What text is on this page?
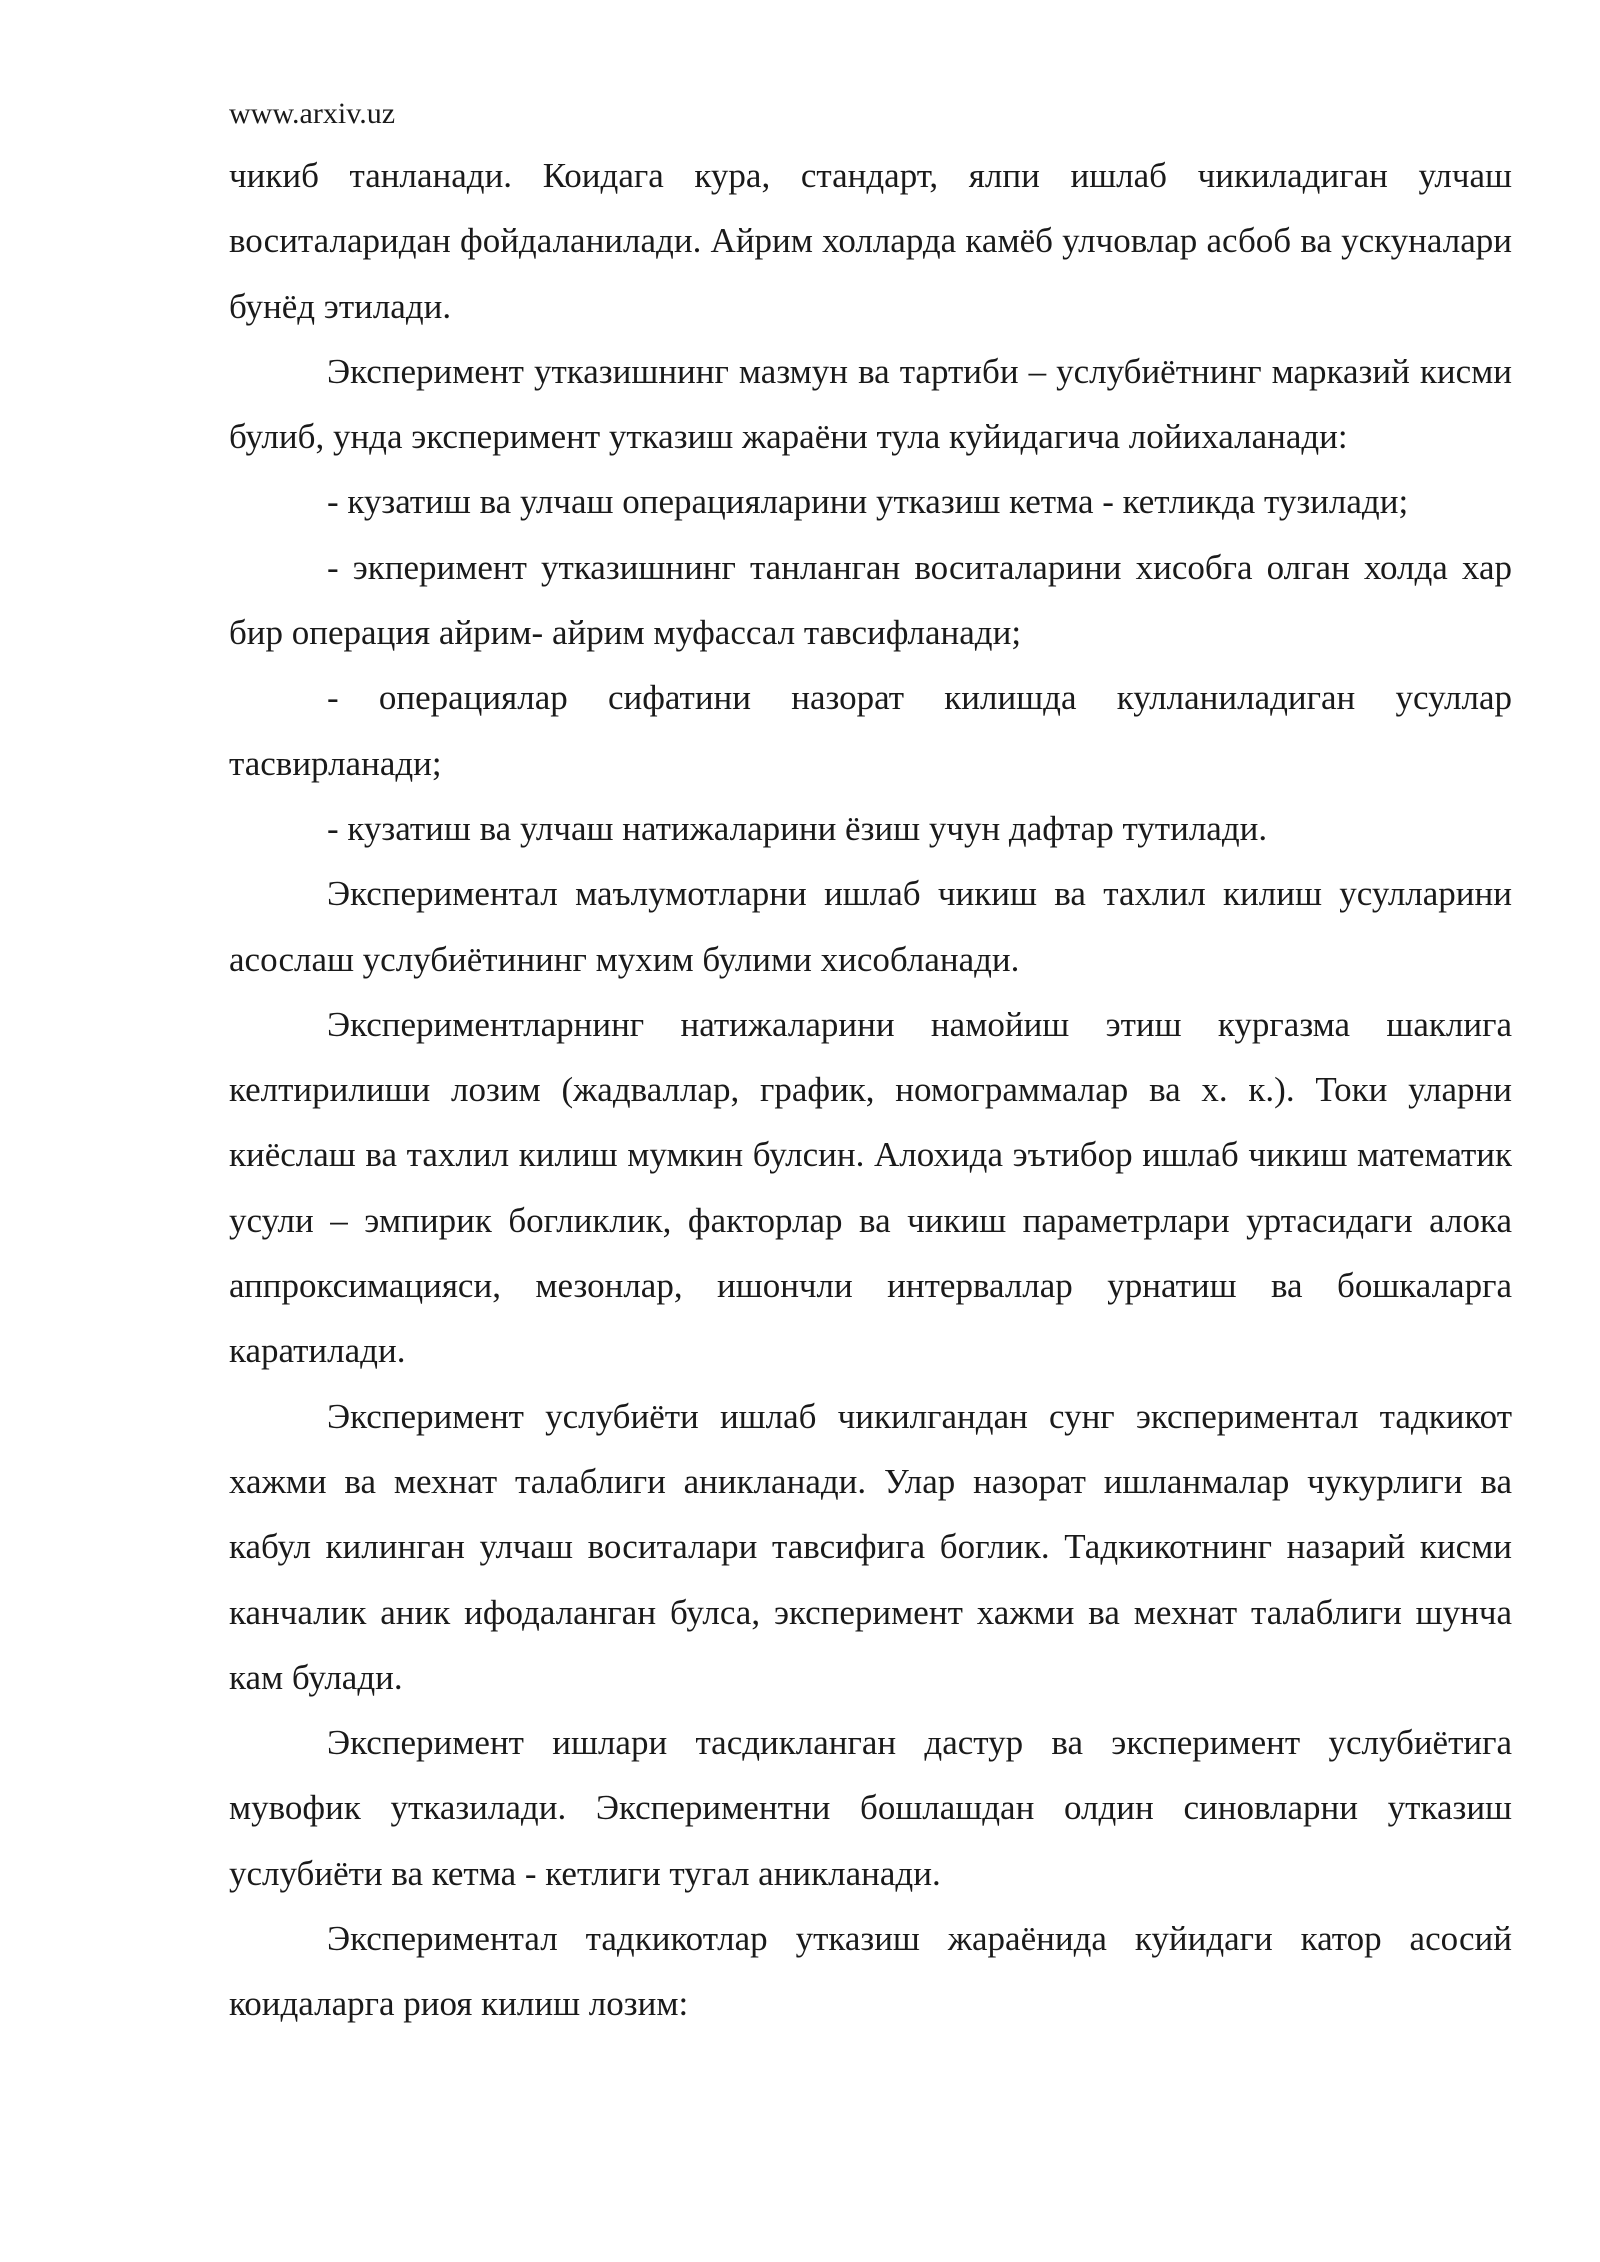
www.arxiv.uz

чикиб танланади. Коидага кура, стандарт, ялпи ишлаб чикиладиган улчаш воситаларидан фойдаланилади. Айрим холларда камёб улчовлар асбоб ва ускуналари бунёд этилади.

Эксперимент утказишнинг мазмун ва тартиби – услубиётнинг марказий кисми булиб, унда эксперимент утказиш жараёни тула куйидагича лойихаланади:

- кузатиш ва улчаш операцияларини утказиш кетма - кетликда тузилади;

- экперимент утказишнинг танланган воситаларини хисобга олган холда хар бир операция айрим- айрим муфассал тавсифланади;

- операциялар сифатини назорат килишда кулланиладиган усуллар тасвирланади;

- кузатиш ва улчаш натижаларини ёзиш учун дафтар тутилади.

Экспериментал маълумотларни ишлаб чикиш ва тахлил килиш усулларини асослаш услубиётининг мухим булими хисобланади.

Экспериментларнинг натижаларини намойиш этиш кургазма шаклига келтирилиши лозим (жадваллар, график, номограммалар ва х. к.). Токи уларни киёслаш ва тахлил килиш мумкин булсин. Алохида эътибор ишлаб чикиш математик усули – эмпирик богликлик, факторлар ва чикиш параметрлари уртасидаги алока аппроксимацияси, мезонлар, ишончли интерваллар урнатиш ва бошкаларга каратилади.

Эксперимент услубиёти ишлаб чикилгандан сунг экспериментал тадкикот хажми ва мехнат талаблиги аникланади. Улар назорат ишланмалар чукурлиги ва кабул килинган улчаш воситалари тавсифига боглик. Тадкикотнинг назарий кисми канчалик аник ифодаланган булса, эксперимент хажми ва мехнат талаблиги шунча кам булади.

Эксперимент ишлари тасдикланган дастур ва эксперимент услубиётига мувофик утказилади. Экспериментни бошлашдан олдин синовларни утказиш услубиёти ва кетма - кетлиги тугал аникланади.

Экспериментал тадкикотлар утказиш жараёнида куйидаги катор асосий коидаларга риоя килиш лозим:
